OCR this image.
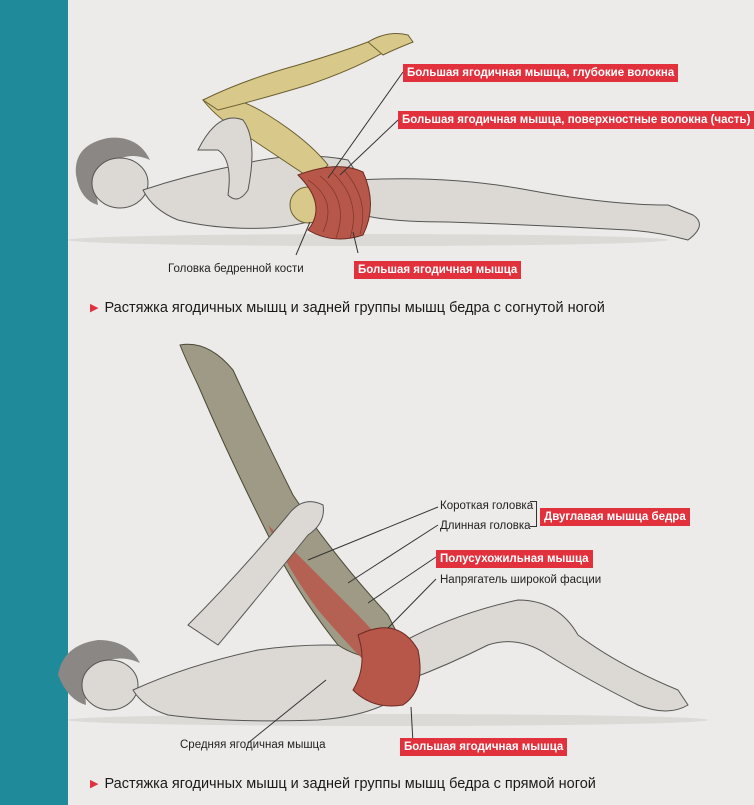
Большая ягодичная мышца, глубокие волокна
Большая ягодичная мышца, поверхностные волокна (часть)
Головка бедренной кости	Большая ягодичная мышца
▶ Растяжка ягодичных мышц и задней группы мышц бедра с согнутой ногой
Короткая головка
Длинная головка
Двуглавая мышца бедра
Полусухожильная мышца
Напрягатель широкой фасции
Средняя ягодичная мышца	Большая ягодичная мышца
▶ Растяжка ягодичных мышц и задней группы мышц бедра с прямой ногой
